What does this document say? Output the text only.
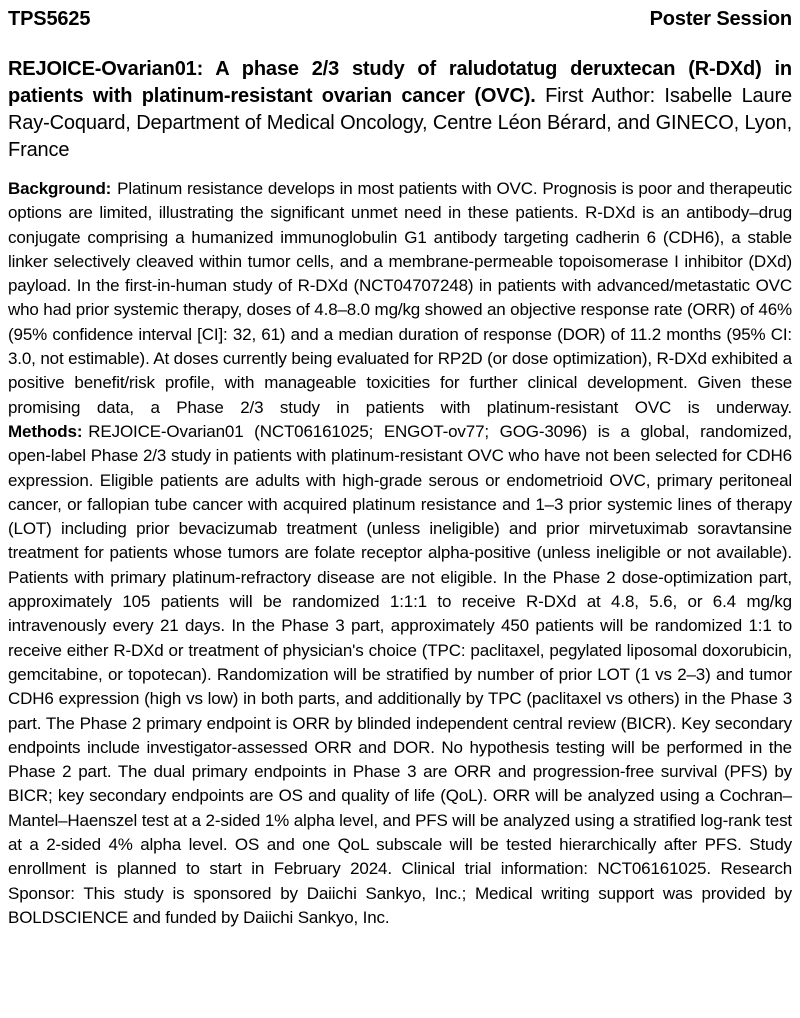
TPS5625	Poster Session

REJOICE-Ovarian01: A phase 2/3 study of raludotatug deruxtecan (R-DXd) in patients with platinum-resistant ovarian cancer (OVC). First Author: Isabelle Laure Ray-Coquard, Department of Medical Oncology, Centre Léon Bérard, and GINECO, Lyon, France

Background: Platinum resistance develops in most patients with OVC. Prognosis is poor and therapeutic options are limited, illustrating the significant unmet need in these patients. R-DXd is an antibody–drug conjugate comprising a humanized immunoglobulin G1 antibody targeting cadherin 6 (CDH6), a stable linker selectively cleaved within tumor cells, and a membrane-permeable topoisomerase I inhibitor (DXd) payload. In the first-in-human study of R-DXd (NCT04707248) in patients with advanced/metastatic OVC who had prior systemic therapy, doses of 4.8–8.0 mg/kg showed an objective response rate (ORR) of 46% (95% confidence interval [CI]: 32, 61) and a median duration of response (DOR) of 11.2 months (95% CI: 3.0, not estimable). At doses currently being evaluated for RP2D (or dose optimization), R-DXd exhibited a positive benefit/risk profile, with manageable toxicities for further clinical development. Given these promising data, a Phase 2/3 study in patients with platinum-resistant OVC is underway. Methods: REJOICE-Ovarian01 (NCT06161025; ENGOT-ov77; GOG-3096) is a global, randomized, open-label Phase 2/3 study in patients with platinum-resistant OVC who have not been selected for CDH6 expression. Eligible patients are adults with high-grade serous or endometrioid OVC, primary peritoneal cancer, or fallopian tube cancer with acquired platinum resistance and 1–3 prior systemic lines of therapy (LOT) including prior bevacizumab treatment (unless ineligible) and prior mirvetuximab soravtansine treatment for patients whose tumors are folate receptor alpha-positive (unless ineligible or not available). Patients with primary platinum-refractory disease are not eligible. In the Phase 2 dose-optimization part, approximately 105 patients will be randomized 1:1:1 to receive R-DXd at 4.8, 5.6, or 6.4 mg/kg intravenously every 21 days. In the Phase 3 part, approximately 450 patients will be randomized 1:1 to receive either R-DXd or treatment of physician's choice (TPC: paclitaxel, pegylated liposomal doxorubicin, gemcitabine, or topotecan). Randomization will be stratified by number of prior LOT (1 vs 2–3) and tumor CDH6 expression (high vs low) in both parts, and additionally by TPC (paclitaxel vs others) in the Phase 3 part. The Phase 2 primary endpoint is ORR by blinded independent central review (BICR). Key secondary endpoints include investigator-assessed ORR and DOR. No hypothesis testing will be performed in the Phase 2 part. The dual primary endpoints in Phase 3 are ORR and progression-free survival (PFS) by BICR; key secondary endpoints are OS and quality of life (QoL). ORR will be analyzed using a Cochran–Mantel–Haenszel test at a 2-sided 1% alpha level, and PFS will be analyzed using a stratified log-rank test at a 2-sided 4% alpha level. OS and one QoL subscale will be tested hierarchically after PFS. Study enrollment is planned to start in February 2024. Clinical trial information: NCT06161025. Research Sponsor: This study is sponsored by Daiichi Sankyo, Inc.; Medical writing support was provided by BOLDSCIENCE and funded by Daiichi Sankyo, Inc.
